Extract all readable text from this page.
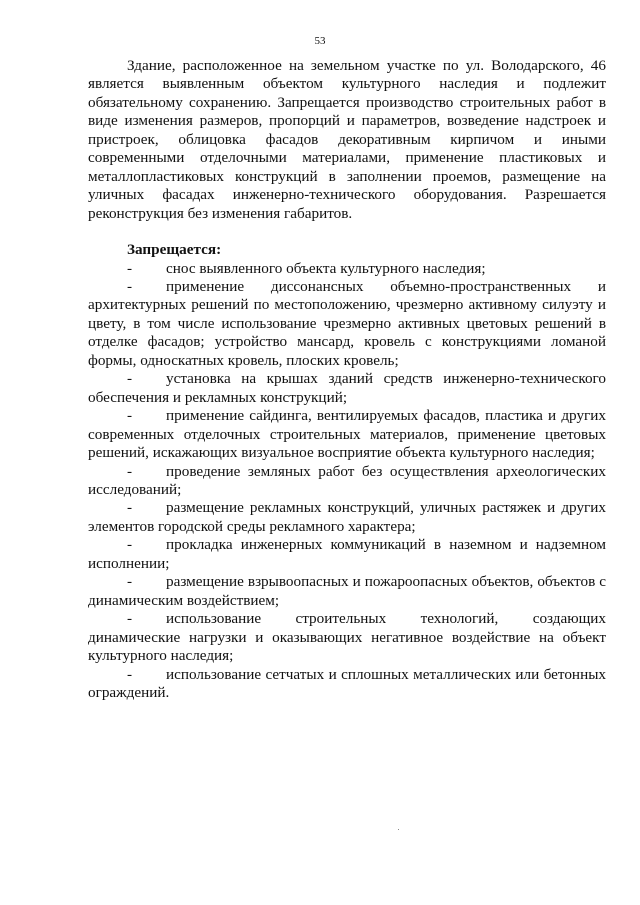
53

Здание, расположенное на земельном участке по ул. Володарского, 46 является выявленным объектом культурного наследия и подлежит обязательному сохранению. Запрещается производство строительных работ в виде изменения размеров, пропорций и параметров, возведение надстроек и пристроек, облицовка фасадов декоративным кирпичом и иными современными отделочными материалами, применение пластиковых и металлопластиковых конструкций в заполнении проемов, размещение на уличных фасадах инженерно-технического оборудования. Разрешается реконструкция без изменения габаритов.

Запрещается:

- снос выявленного объекта культурного наследия;

- применение диссонансных объемно-пространственных и архитектурных решений по местоположению, чрезмерно активному силуэту и цвету, в том числе использование чрезмерно активных цветовых решений в отделке фасадов; устройство мансард, кровель с конструкциями ломаной формы, односкатных кровель, плоских кровель;

- установка на крышах зданий средств инженерно-технического обеспечения и рекламных конструкций;

- применение сайдинга, вентилируемых фасадов, пластика и других современных отделочных строительных материалов, применение цветовых решений, искажающих визуальное восприятие объекта культурного наследия;

- проведение земляных работ без осуществления археологических исследований;

- размещение рекламных конструкций, уличных растяжек и других элементов городской среды рекламного характера;

- прокладка инженерных коммуникаций в наземном и надземном исполнении;

- размещение взрывоопасных и пожароопасных объектов, объектов с динамическим воздействием;

- использование строительных технологий, создающих динамические нагрузки и оказывающих негативное воздействие на объект культурного наследия;

- использование сетчатых и сплошных металлических или бетонных ограждений.
